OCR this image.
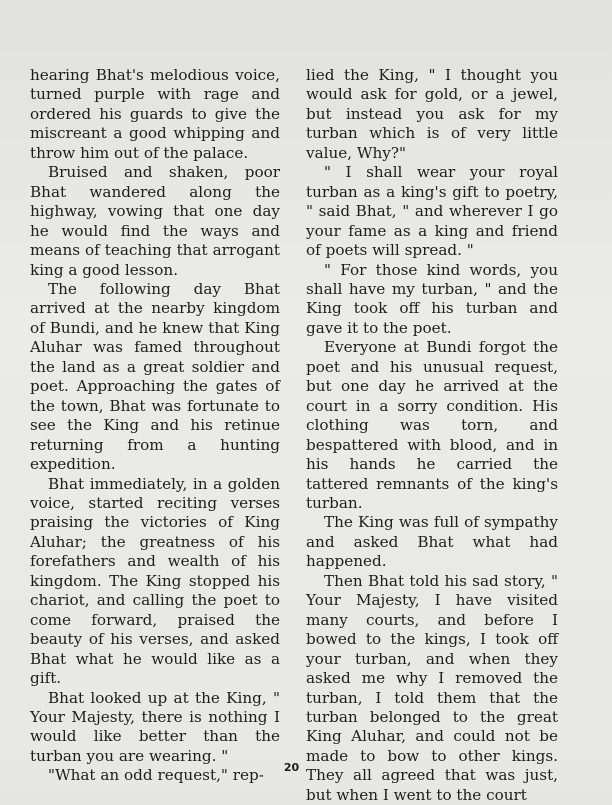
hearing Bhat's melodious voice, turned purple with rage and ordered his guards to give the miscreant a good whipping and throw him out of the palace.

Bruised and shaken, poor Bhat wandered along the highway, vowing that one day he would find the ways and means of teaching that arrogant king a good lesson.

The following day Bhat arrived at the nearby kingdom of Bundi, and he knew that King Aluhar was famed throughout the land as a great soldier and poet. Approaching the gates of the town, Bhat was fortunate to see the King and his retinue returning from a hunting expedition.

Bhat immediately, in a golden voice, started reciting verses praising the victories of King Aluhar; the greatness of his forefathers and wealth of his kingdom. The King stopped his chariot, and calling the poet to come forward, praised the beauty of his verses, and asked Bhat what he would like as a gift.

Bhat looked up at the King, " Your Majesty, there is nothing I would like better than the turban you are wearing. "

"What an odd request," rep-

lied the King, " I thought you would ask for gold, or a jewel, but instead you ask for my turban which is of very little value, Why?"

" I shall wear your royal turban as a king's gift to poetry, " said Bhat, " and wherever I go your fame as a king and friend of poets will spread. "

" For those kind words, you shall have my turban, " and the King took off his turban and gave it to the poet.

Everyone at Bundi forgot the poet and his unusual request, but one day he arrived at the court in a sorry condition. His clothing was torn, and bespattered with blood, and in his hands he carried the tattered remnants of the king's turban.

The King was full of sympathy and asked Bhat what had happened.

Then Bhat told his sad story, " Your Majesty, I have visited many courts, and before I bowed to the kings, I took off your turban, and when they asked me why I removed the turban, I told them that the turban belonged to the great King Aluhar, and could not be made to bow to other kings. They all agreed that was just, but when I went to the court

20
